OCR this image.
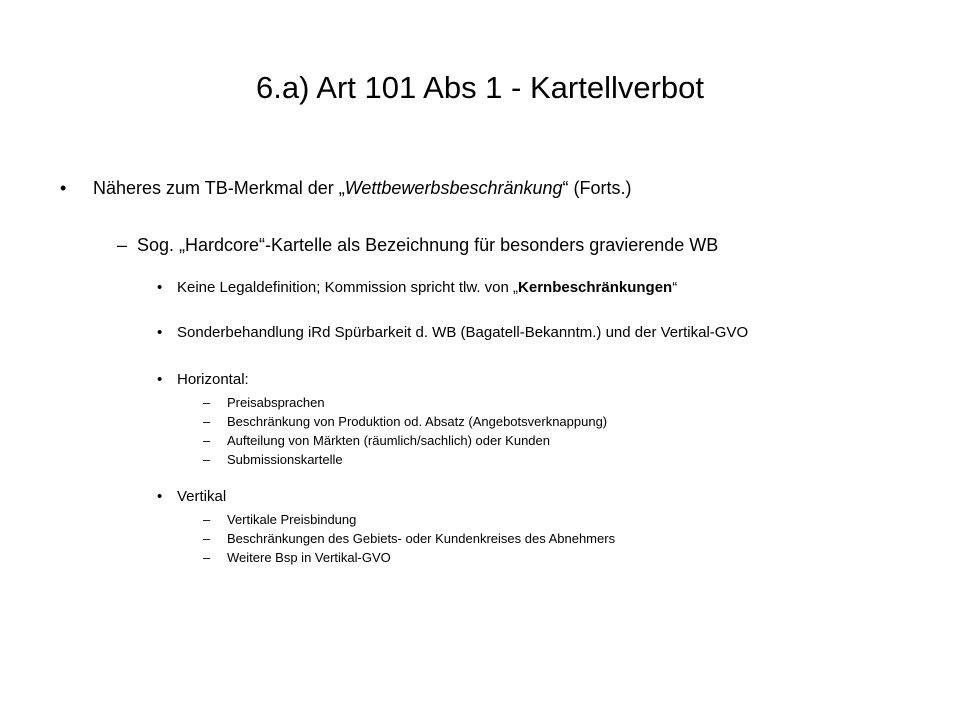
6.a) Art 101 Abs 1 - Kartellverbot
• Näheres zum TB-Merkmal der „Wettbewerbsbeschränkung“ (Forts.)
– Sog. „Hardcore“-Kartelle als Bezeichnung für besonders gravierende WB
• Keine Legaldefinition; Kommission spricht tlw. von „Kernbeschränkungen“
• Sonderbehandlung iRd Spürbarkeit d. WB (Bagatell-Bekanntm.) und der Vertikal-GVO
• Horizontal:
– Preisabsprachen
– Beschränkung von Produktion od. Absatz (Angebotsverknappung)
– Aufteilung von Märkten (räumlich/sachlich) oder Kunden
– Submissionskartelle
• Vertikal
– Vertikale Preisbindung
– Beschränkungen des Gebiets- oder Kundenkreises des Abnehmers
– Weitere Bsp in Vertikal-GVO
